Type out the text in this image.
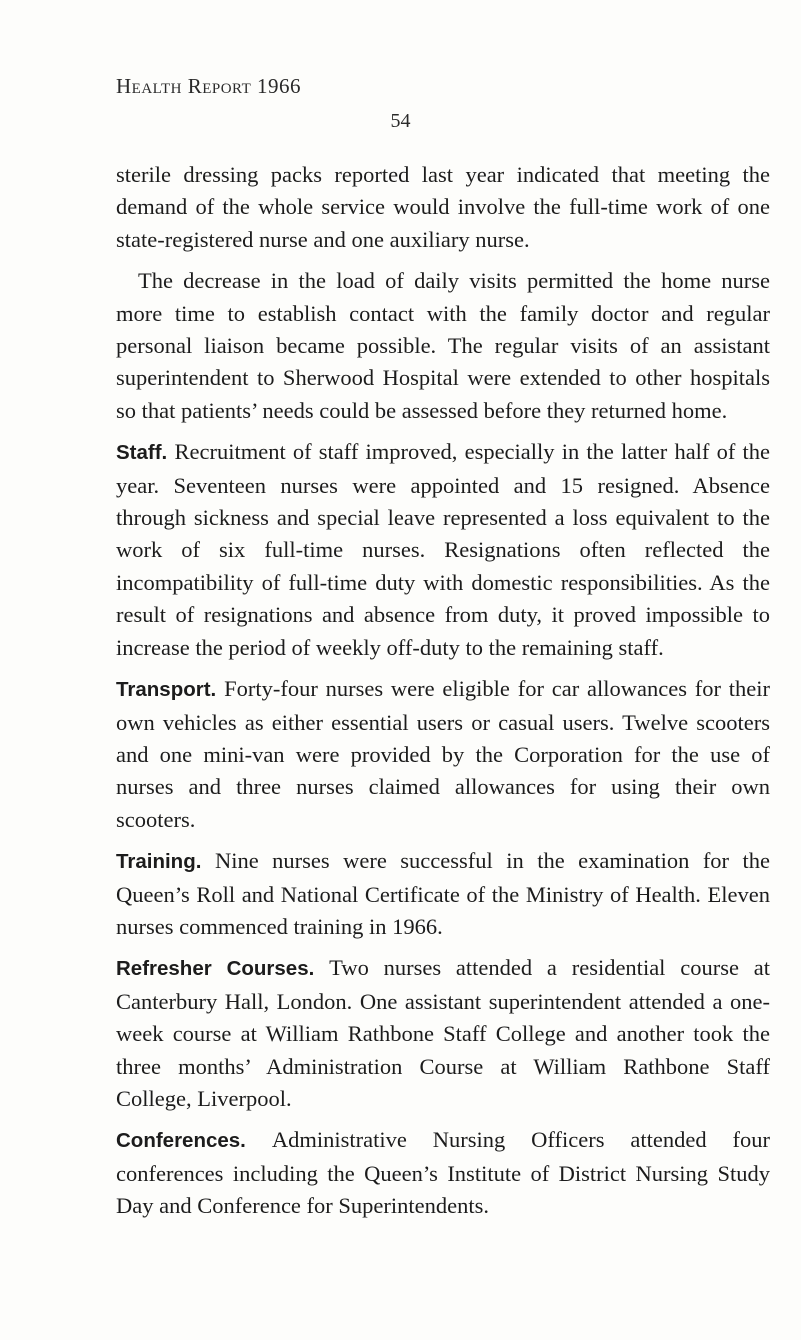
Health Report 1966
54

sterile dressing packs reported last year indicated that meeting the demand of the whole service would involve the full-time work of one state-registered nurse and one auxiliary nurse.

The decrease in the load of daily visits permitted the home nurse more time to establish contact with the family doctor and regular personal liaison became possible. The regular visits of an assistant superintendent to Sherwood Hospital were extended to other hospitals so that patients’ needs could be assessed before they returned home.

Staff. Recruitment of staff improved, especially in the latter half of the year. Seventeen nurses were appointed and 15 resigned. Absence through sickness and special leave represented a loss equivalent to the work of six full-time nurses. Resignations often reflected the incompatibility of full-time duty with domestic responsibilities. As the result of resignations and absence from duty, it proved impossible to increase the period of weekly off-duty to the remaining staff.

Transport. Forty-four nurses were eligible for car allowances for their own vehicles as either essential users or casual users. Twelve scooters and one mini-van were provided by the Corporation for the use of nurses and three nurses claimed allowances for using their own scooters.

Training. Nine nurses were successful in the examination for the Queen’s Roll and National Certificate of the Ministry of Health. Eleven nurses commenced training in 1966.

Refresher Courses. Two nurses attended a residential course at Canterbury Hall, London. One assistant superintendent attended a one-week course at William Rathbone Staff College and another took the three months’ Administration Course at William Rathbone Staff College, Liverpool.

Conferences. Administrative Nursing Officers attended four conferences including the Queen’s Institute of District Nursing Study Day and Conference for Superintendents.
